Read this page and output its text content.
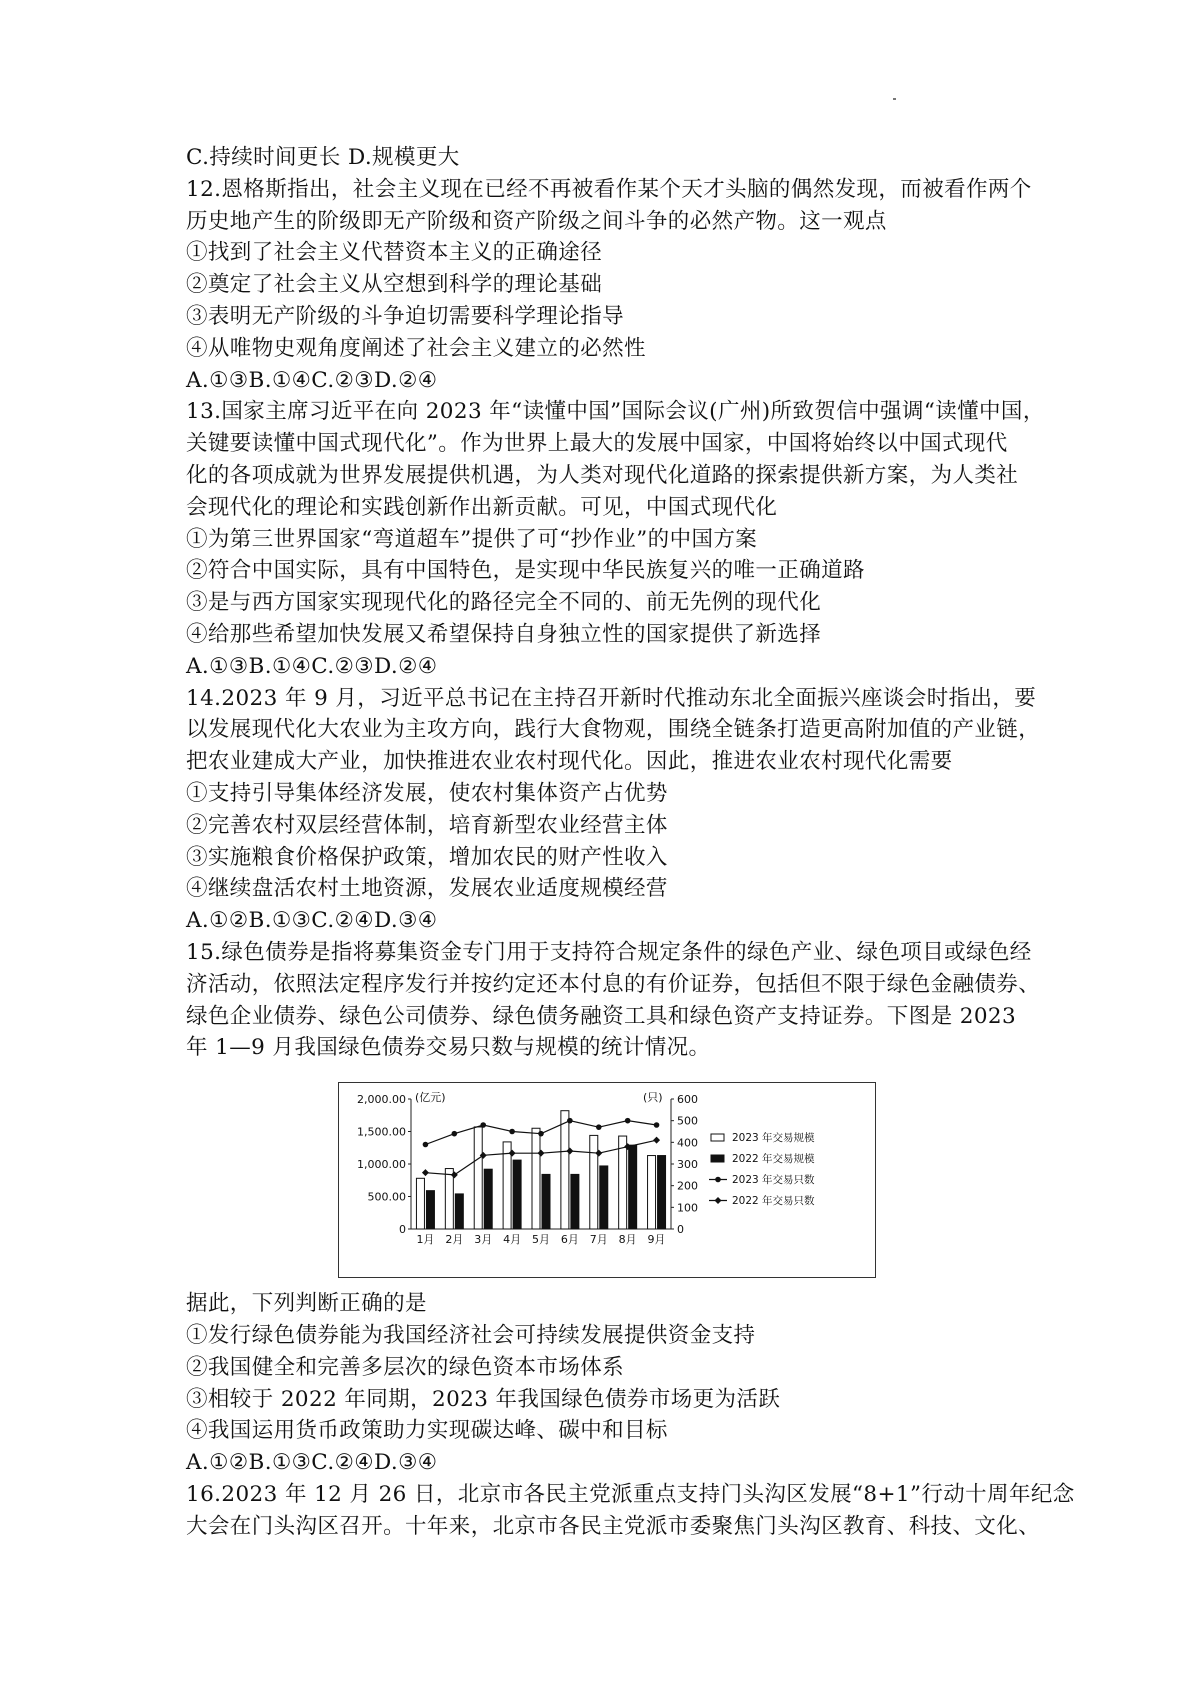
C.持续时间更长 D.规模更大
12.恩格斯指出，社会主义现在已经不再被看作某个天才头脑的偶然发现，而被看作两个
历史地产生的阶级即无产阶级和资产阶级之间斗争的必然产物。这一观点
①找到了社会主义代替资本主义的正确途径
②奠定了社会主义从空想到科学的理论基础
③表明无产阶级的斗争迫切需要科学理论指导
④从唯物史观角度阐述了社会主义建立的必然性
A.①③B.①④C.②③D.②④
13.国家主席习近平在向 2023 年“读懂中国”国际会议(广州)所致贺信中强调“读懂中国，
关键要读懂中国式现代化”。作为世界上最大的发展中国家，中国将始终以中国式现代
化的各项成就为世界发展提供机遇，为人类对现代化道路的探索提供新方案，为人类社
会现代化的理论和实践创新作出新贡献。可见，中国式现代化
①为第三世界国家“弯道超车”提供了可“抄作业”的中国方案
②符合中国实际，具有中国特色，是实现中华民族复兴的唯一正确道路
③是与西方国家实现现代化的路径完全不同的、前无先例的现代化
④给那些希望加快发展又希望保持自身独立性的国家提供了新选择
A.①③B.①④C.②③D.②④
14.2023 年 9 月，习近平总书记在主持召开新时代推动东北全面振兴座谈会时指出，要
以发展现代化大农业为主攻方向，践行大食物观，围绕全链条打造更高附加值的产业链，
把农业建成大产业，加快推进农业农村现代化。因此，推进农业农村现代化需要
①支持引导集体经济发展，使农村集体资产占优势
②完善农村双层经营体制，培育新型农业经营主体
③实施粮食价格保护政策，增加农民的财产性收入
④继续盘活农村土地资源，发展农业适度规模经营
A.①②B.①③C.②④D.③④
15.绿色债券是指将募集资金专门用于支持符合规定条件的绿色产业、绿色项目或绿色经
济活动，依照法定程序发行并按约定还本付息的有价证券，包括但不限于绿色金融债券、
绿色企业债券、绿色公司债券、绿色债务融资工具和绿色资产支持证券。下图是 2023
年 1—9 月我国绿色债券交易只数与规模的统计情况。
2,000.00
1,500.00
1,000.00
500.00
0
(亿元)	600
500
400
300
200
100
0
(只)
1月 2月 3月 4月 5月 6月 7月 8月 9月
2023 年交易规模
2022 年交易规模
2023 年交易只数
2022 年交易只数
据此，下列判断正确的是
①发行绿色债券能为我国经济社会可持续发展提供资金支持
②我国健全和完善多层次的绿色资本市场体系
③相较于 2022 年同期，2023 年我国绿色债券市场更为活跃
④我国运用货币政策助力实现碳达峰、碳中和目标
A.①②B.①③C.②④D.③④
16.2023 年 12 月 26 日，北京市各民主党派重点支持门头沟区发展“8+1”行动十周年纪念
大会在门头沟区召开。十年来，北京市各民主党派市委聚焦门头沟区教育、科技、文化、
